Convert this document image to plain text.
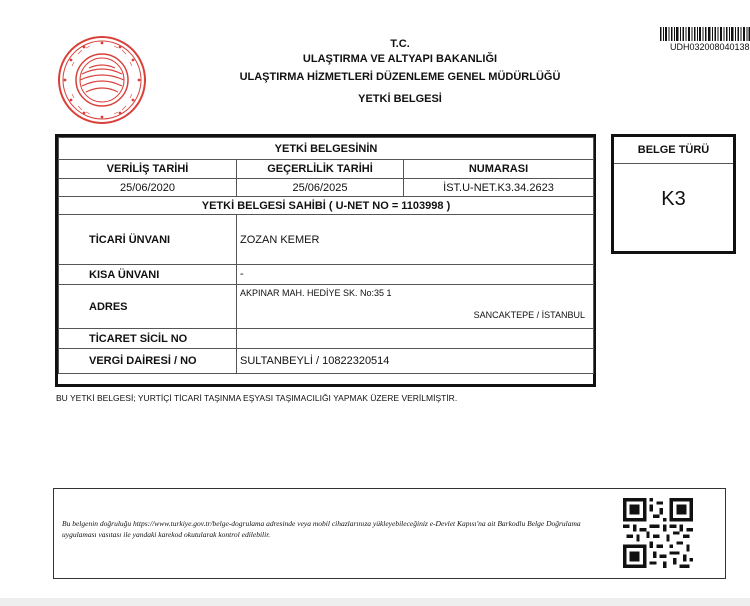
T.C.
ULAŞTIRMA VE ALTYAPI BAKANLIĞI
ULAŞTIRMA HİZMETLERİ DÜZENLEME GENEL MÜDÜRLÜĞÜ
YETKİ BELGESİ
UDH032008040138
YETKİ BELGESİNİN		
VERİLİŞ TARİHİ	GEÇERLİLİK TARİHİ	NUMARASI
25/06/2020	25/06/2025	İST.U-NET.K3.34.2623
YETKİ BELGESİ SAHİBİ ( U-NET NO = 1103998 )		
TİCARİ ÜNVANI	ZOZAN KEMER	
KISA ÜNVANI	-	
ADRES	AKPINAR MAH. HEDİYE SK. No:35 1
SANCAKTEPE / İSTANBUL	

TİCARET SİCİL NO		
VERGİ DAİRESİ / NO	SULTANBEYLİ / 10822320514	
BELGE TÜRÜ
K3
BU YETKİ BELGESİ; YURTİÇİ TİCARİ TAŞINMA EŞYASI TAŞIMACILIĞI YAPMAK ÜZERE VERİLMİŞTİR.
Bu belgenin doğruluğu https://www.turkiye.gov.tr/belge-dogrulama adresinde veya mobil cihazlarınıza yükleyebileceğiniz e-Devlet Kapısı'na ait Barkodlu Belge Doğrulama uygulaması vasıtası ile yandaki karekod okutularak kontrol edilebilir.
